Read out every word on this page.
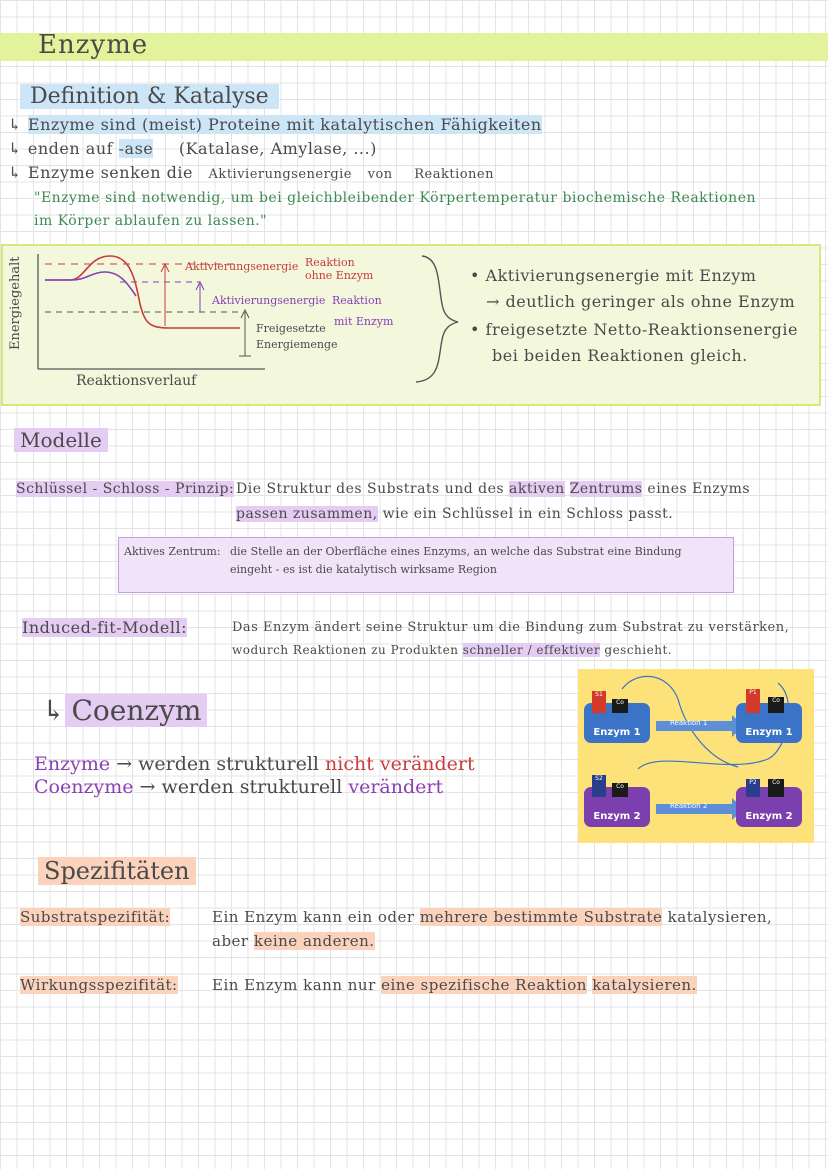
Enzyme
Definition & Katalyse
↳ Enzyme sind (meist) Proteine mit katalytischen Fähigkeiten
↳ enden auf -ase (Katalase, Amylase, ...)
↳ Enzyme senken die Aktivierungsenergie von Reaktionen
"Enzyme sind notwendig, um bei gleichbleibender Körpertemperatur biochemische Reaktionen
im Körper ablaufen zu lassen."
Energiegehalt
Reaktionsverlauf
Aktivierungsenergie Reaktion
ohne Enzym
Aktivierungsenergie Reaktion
mit Enzym
Freigesetzte
Energiemenge
• Aktivierungsenergie mit Enzym
→ deutlich geringer als ohne Enzym
• freigesetzte Netto-Reaktionsenergie
bei beiden Reaktionen gleich.
Modelle
Schlüssel - Schloss - Prinzip: Die Struktur des Substrats und des aktiven Zentrums eines Enzyms
passen zusammen, wie ein Schlüssel in ein Schloss passt.
Aktives Zentrum: die Stelle an der Oberfläche eines Enzyms, an welche das Substrat eine Bindung
eingeht - es ist die katalytisch wirksame Region
Induced-fit-Modell:	Das Enzym ändert seine Struktur um die Bindung zum Substrat zu verstärken,
wodurch Reaktionen zu Produkten schneller / effektiver geschieht.
↳ Coenzym
Enzyme → werden strukturell nicht verändert
Coenzyme → werden strukturell verändert
Reaktion 1
Reaktion 2
Enzym 1	Enzym 1
Enzym 2	Enzym 2
S1
Co
P1
Co
S2
Co
P2	Co
Spezifitäten
Substratspezifität:	Ein Enzym kann ein oder mehrere bestimmte Substrate katalysieren,
aber keine anderen.
Wirkungsspezifität: Ein Enzym kann nur eine spezifische Reaktion katalysieren.
